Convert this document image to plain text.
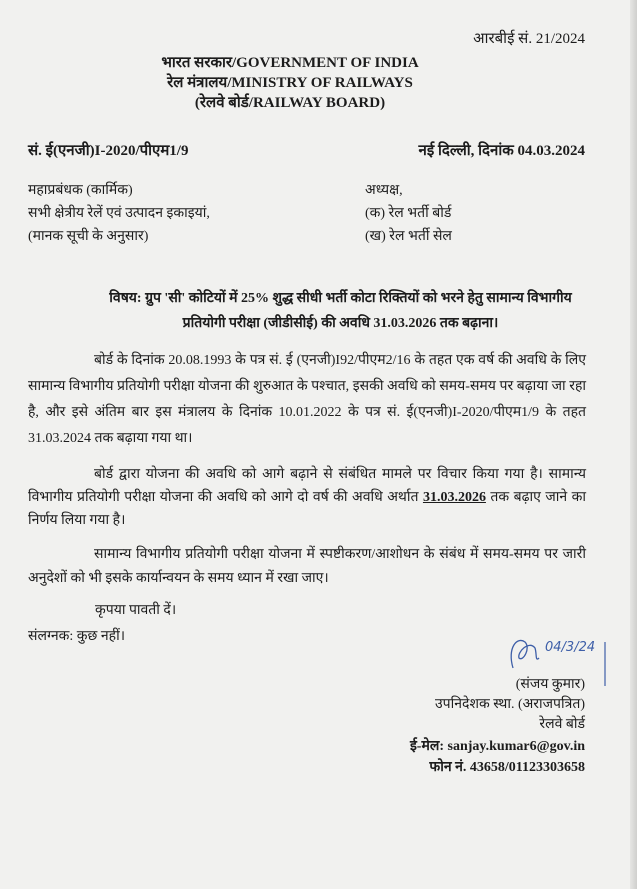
आरबीई सं. 21/2024
भारत सरकार/GOVERNMENT OF INDIA
रेल मंत्रालय/MINISTRY OF RAILWAYS
(रेलवे बोर्ड/RAILWAY BOARD)
सं. ई(एनजी)I-2020/पीएम1/9	नई दिल्ली, दिनांक 04.03.2024
महाप्रबंधक (कार्मिक)
सभी क्षेत्रीय रेलें एवं उत्पादन इकाइयां,
(मानक सूची के अनुसार)
अध्यक्ष,
(क) रेल भर्ती बोर्ड
(ख) रेल भर्ती सेल
विषय: ग्रुप 'सी' कोटियों में 25% शुद्ध सीधी भर्ती कोटा रिक्तियों को भरने हेतु सामान्य विभागीय प्रतियोगी परीक्षा (जीडीसीई) की अवधि 31.03.2026 तक बढ़ाना।
बोर्ड के दिनांक 20.08.1993 के पत्र सं. ई (एनजी)I92/पीएम2/16 के तहत एक वर्ष की अवधि के लिए सामान्य विभागीय प्रतियोगी परीक्षा योजना की शुरुआत के पश्चात, इसकी अवधि को समय-समय पर बढ़ाया जा रहा है, और इसे अंतिम बार इस मंत्रालय के दिनांक 10.01.2022 के पत्र सं. ई(एनजी)I-2020/पीएम1/9 के तहत 31.03.2024 तक बढ़ाया गया था।
बोर्ड द्वारा योजना की अवधि को आगे बढ़ाने से संबंधित मामले पर विचार किया गया है। सामान्य विभागीय प्रतियोगी परीक्षा योजना की अवधि को आगे दो वर्ष की अवधि अर्थात 31.03.2026 तक बढ़ाए जाने का निर्णय लिया गया है।
सामान्य विभागीय प्रतियोगी परीक्षा योजना में स्पष्टीकरण/आशोधन के संबंध में समय-समय पर जारी अनुदेशों को भी इसके कार्यान्वयन के समय ध्यान में रखा जाए।
कृपया पावती दें।
संलग्नक: कुछ नहीं।
04/3/24
(संजय कुमार)
उपनिदेशक स्था. (अराजपत्रित)
रेलवे बोर्ड
ई-मेल: sanjay.kumar6@gov.in
फोन नं. 43658/01123303658
